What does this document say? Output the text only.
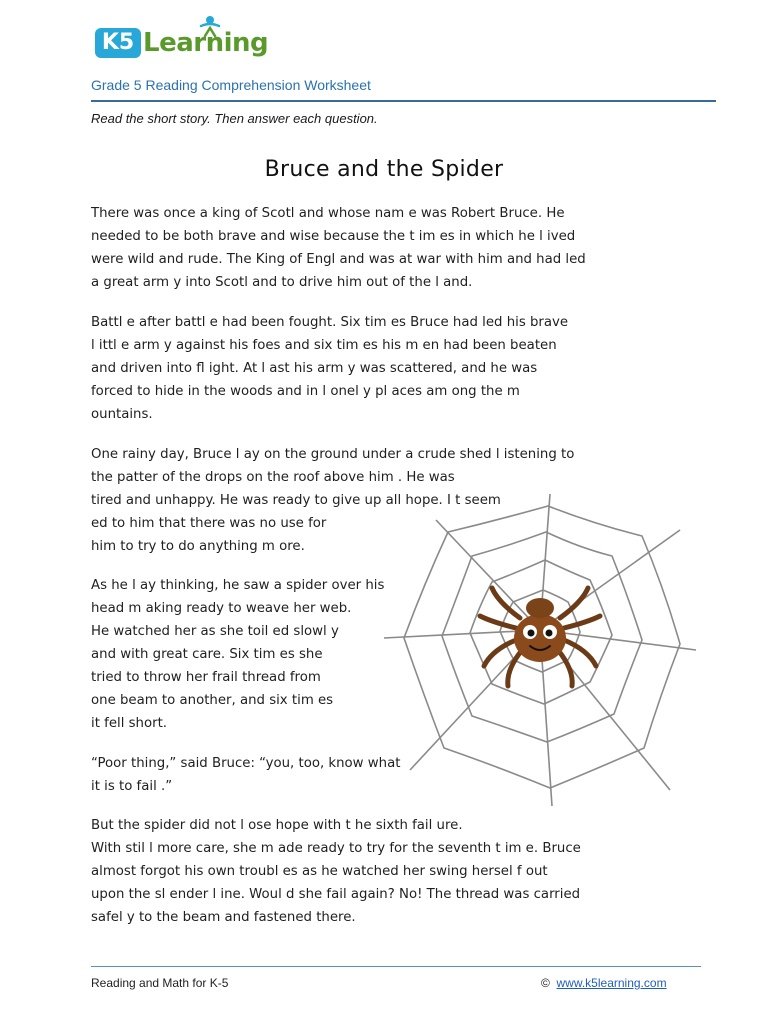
K5 Learning
Grade 5 Reading Comprehension Worksheet
Read the short story. Then answer each question.
Bruce and the Spider
There was once a king of Scotl and whose nam e was Robert Bruce. He
needed to be both brave and wise because the t im es in which he l ived
were wild and rude. The King of Engl and was at war with him and had led
a great arm y into Scotl and to drive him out of the l and.
Battl e after battl e had been fought. Six tim es Bruce had led his brave
l ittl e arm y against his foes and six tim es his m en had been beaten
and driven into fl ight. At l ast his arm y was scattered, and he was
forced to hide in the woods and in l onel y pl aces am ong the m
ountains.
One rainy day, Bruce l ay on the ground under a crude shed l istening to
the patter of the drops on the roof above him . He was
tired and unhappy. He was ready to give up all hope. I t seem
ed to him that there was no use for
him to try to do anything m ore.
As he l ay thinking, he saw a spider over his
head m aking ready to weave her web.
He watched her as she toil ed slowl y
and with great care. Six tim es she
tried to throw her frail thread from
one beam to another, and six tim es
it fell short.
“Poor thing,” said Bruce: “you, too, know what
it is to fail .”
But the spider did not l ose hope with t he sixth fail ure.
With stil l more care, she m ade ready to try for the seventh t im e. Bruce
almost forgot his own troubl es as he watched her swing hersel f out
upon the sl ender l ine. Woul d she fail again? No! The thread was carried
safel y to the beam and fastened there.
Reading and Math for K-5	© www.k5learning.com
